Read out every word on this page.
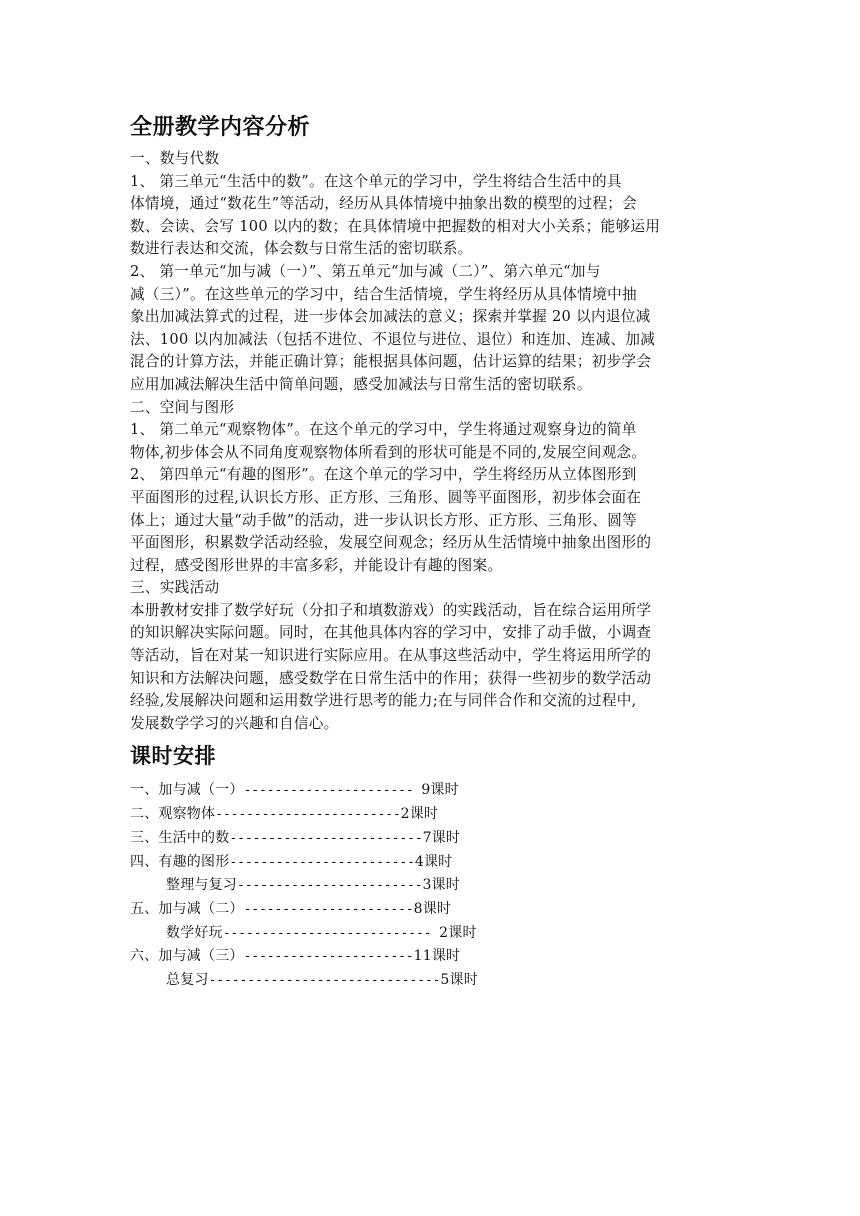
全册教学内容分析
一、数与代数
1、 第三单元“生活中的数”。在这个单元的学习中，学生将结合生活中的具
体情境，通过“数花生”等活动，经历从具体情境中抽象出数的模型的过程；会
数、会读、会写 100 以内的数；在具体情境中把握数的相对大小关系；能够运用
数进行表达和交流，体会数与日常生活的密切联系。
2、 第一单元“加与减（一）”、第五单元“加与减（二）”、第六单元“加与
减（三）”。在这些单元的学习中，结合生活情境，学生将经历从具体情境中抽
象出加减法算式的过程，进一步体会加减法的意义；探索并掌握 20 以内退位减
法、100 以内加减法（包括不进位、不退位与进位、退位）和连加、连减、加减
混合的计算方法，并能正确计算；能根据具体问题，估计运算的结果；初步学会
应用加减法解决生活中简单问题，感受加减法与日常生活的密切联系。
二、空间与图形
1、 第二单元“观察物体”。在这个单元的学习中，学生将通过观察身边的简单
物体,初步体会从不同角度观察物体所看到的形状可能是不同的,发展空间观念。
2、 第四单元“有趣的图形”。在这个单元的学习中，学生将经历从立体图形到
平面图形的过程,认识长方形、正方形、三角形、圆等平面图形，初步体会面在
体上；通过大量“动手做”的活动，进一步认识长方形、正方形、三角形、圆等
平面图形，积累数学活动经验，发展空间观念；经历从生活情境中抽象出图形的
过程，感受图形世界的丰富多彩，并能设计有趣的图案。
三、实践活动
本册教材安排了数学好玩（分扣子和填数游戏）的实践活动，旨在综合运用所学
的知识解决实际问题。同时，在其他具体内容的学习中，安排了动手做，小调查
等活动，旨在对某一知识进行实际应用。在从事这些活动中，学生将运用所学的
知识和方法解决问题，感受数学在日常生活中的作用；获得一些初步的数学活动
经验,发展解决问题和运用数学进行思考的能力;在与同伴合作和交流的过程中,
发展数学学习的兴趣和自信心。
课时安排
一、加与减（一）---------------------- 9课时
二、观察物体------------------------2课时
三、生活中的数-------------------------7课时
四、有趣的图形------------------------4课时
整理与复习------------------------3课时
五、加与减（二）----------------------8课时
数学好玩--------------------------- 2课时
六、加与减（三）----------------------11课时
总复习------------------------------5课时
